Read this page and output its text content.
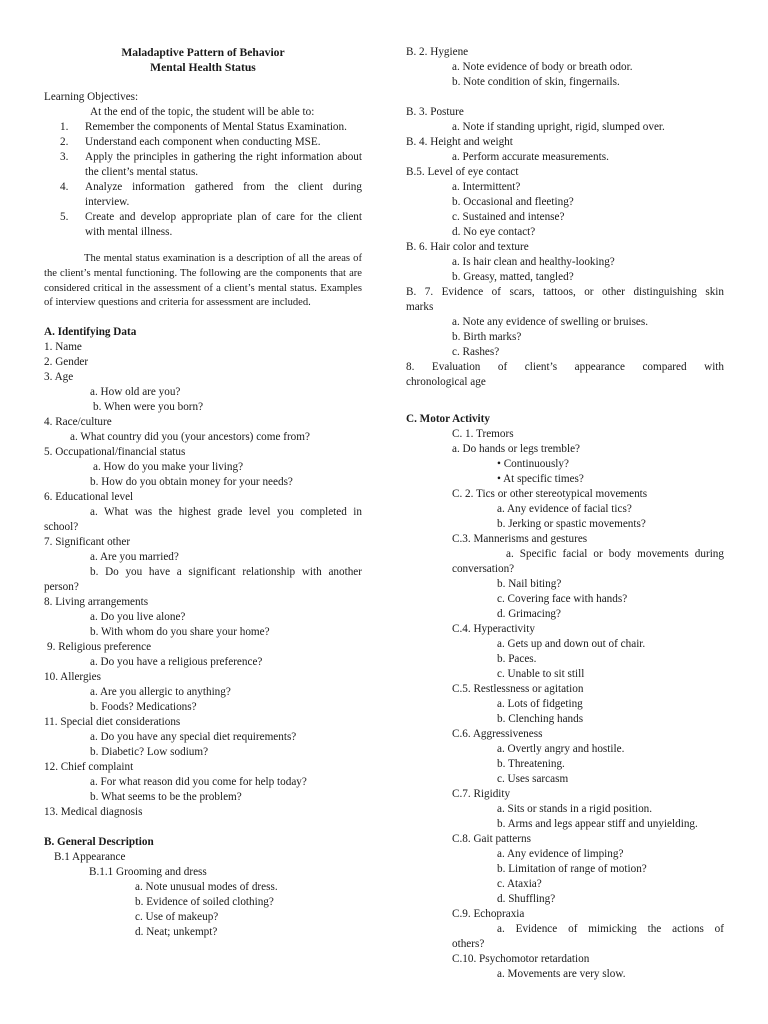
Maladaptive Pattern of Behavior
Mental Health Status
Learning Objectives:
At the end of the topic, the student will be able to:
1. Remember the components of Mental Status Examination.
2. Understand each component when conducting MSE.
3. Apply the principles in gathering the right information about the client’s mental status.
4. Analyze information gathered from the client during interview.
5. Create and develop appropriate plan of care for the client with mental illness.
The mental status examination is a description of all the areas of the client’s mental functioning. The following are the components that are considered critical in the assessment of a client’s mental status. Examples of interview questions and criteria for assessment are included.
A. Identifying Data
1. Name
2. Gender
3. Age
a. How old are you?
b. When were you born?
4. Race/culture
a. What country did you (your ancestors) come from?
5. Occupational/financial status
a. How do you make your living?
b. How do you obtain money for your needs?
6. Educational level
a. What was the highest grade level you completed in
school?
7. Significant other
a. Are you married?
b. Do you have a significant relationship with another
person?
8. Living arrangements
a. Do you live alone?
b. With whom do you share your home?
9. Religious preference
a. Do you have a religious preference?
10. Allergies
a. Are you allergic to anything?
b. Foods? Medications?
11. Special diet considerations
a. Do you have any special diet requirements?
b. Diabetic? Low sodium?
12. Chief complaint
a. For what reason did you come for help today?
b. What seems to be the problem?
13. Medical diagnosis
B. General Description
B.1 Appearance
B.1.1 Grooming and dress
a. Note unusual modes of dress.
b. Evidence of soiled clothing?
c. Use of makeup?
d. Neat; unkempt?
B. 2. Hygiene
a. Note evidence of body or breath odor.
b. Note condition of skin, fingernails.
B. 3. Posture
a. Note if standing upright, rigid, slumped over.
B. 4. Height and weight
a. Perform accurate measurements.
B.5. Level of eye contact
a. Intermittent?
b. Occasional and fleeting?
c. Sustained and intense?
d. No eye contact?
B. 6. Hair color and texture
a. Is hair clean and healthy-looking?
b. Greasy, matted, tangled?
B. 7. Evidence of scars, tattoos, or other distinguishing skin
marks
a. Note any evidence of swelling or bruises.
b. Birth marks?
c. Rashes?
8. Evaluation of client’s appearance compared with
chronological age
C. Motor Activity
C. 1. Tremors
a. Do hands or legs tremble?
• Continuously?
• At specific times?
C. 2. Tics or other stereotypical movements
a. Any evidence of facial tics?
b. Jerking or spastic movements?
C.3. Mannerisms and gestures
a. Specific facial or body movements during
conversation?
b. Nail biting?
c. Covering face with hands?
d. Grimacing?
C.4. Hyperactivity
a. Gets up and down out of chair.
b. Paces.
c. Unable to sit still
C.5. Restlessness or agitation
a. Lots of fidgeting
b. Clenching hands
C.6. Aggressiveness
a. Overtly angry and hostile.
b. Threatening.
c. Uses sarcasm
C.7. Rigidity
a. Sits or stands in a rigid position.
b. Arms and legs appear stiff and unyielding.
C.8. Gait patterns
a. Any evidence of limping?
b. Limitation of range of motion?
c. Ataxia?
d. Shuffling?
C.9. Echopraxia
a. Evidence of mimicking the actions of
others?
C.10. Psychomotor retardation
a. Movements are very slow.
